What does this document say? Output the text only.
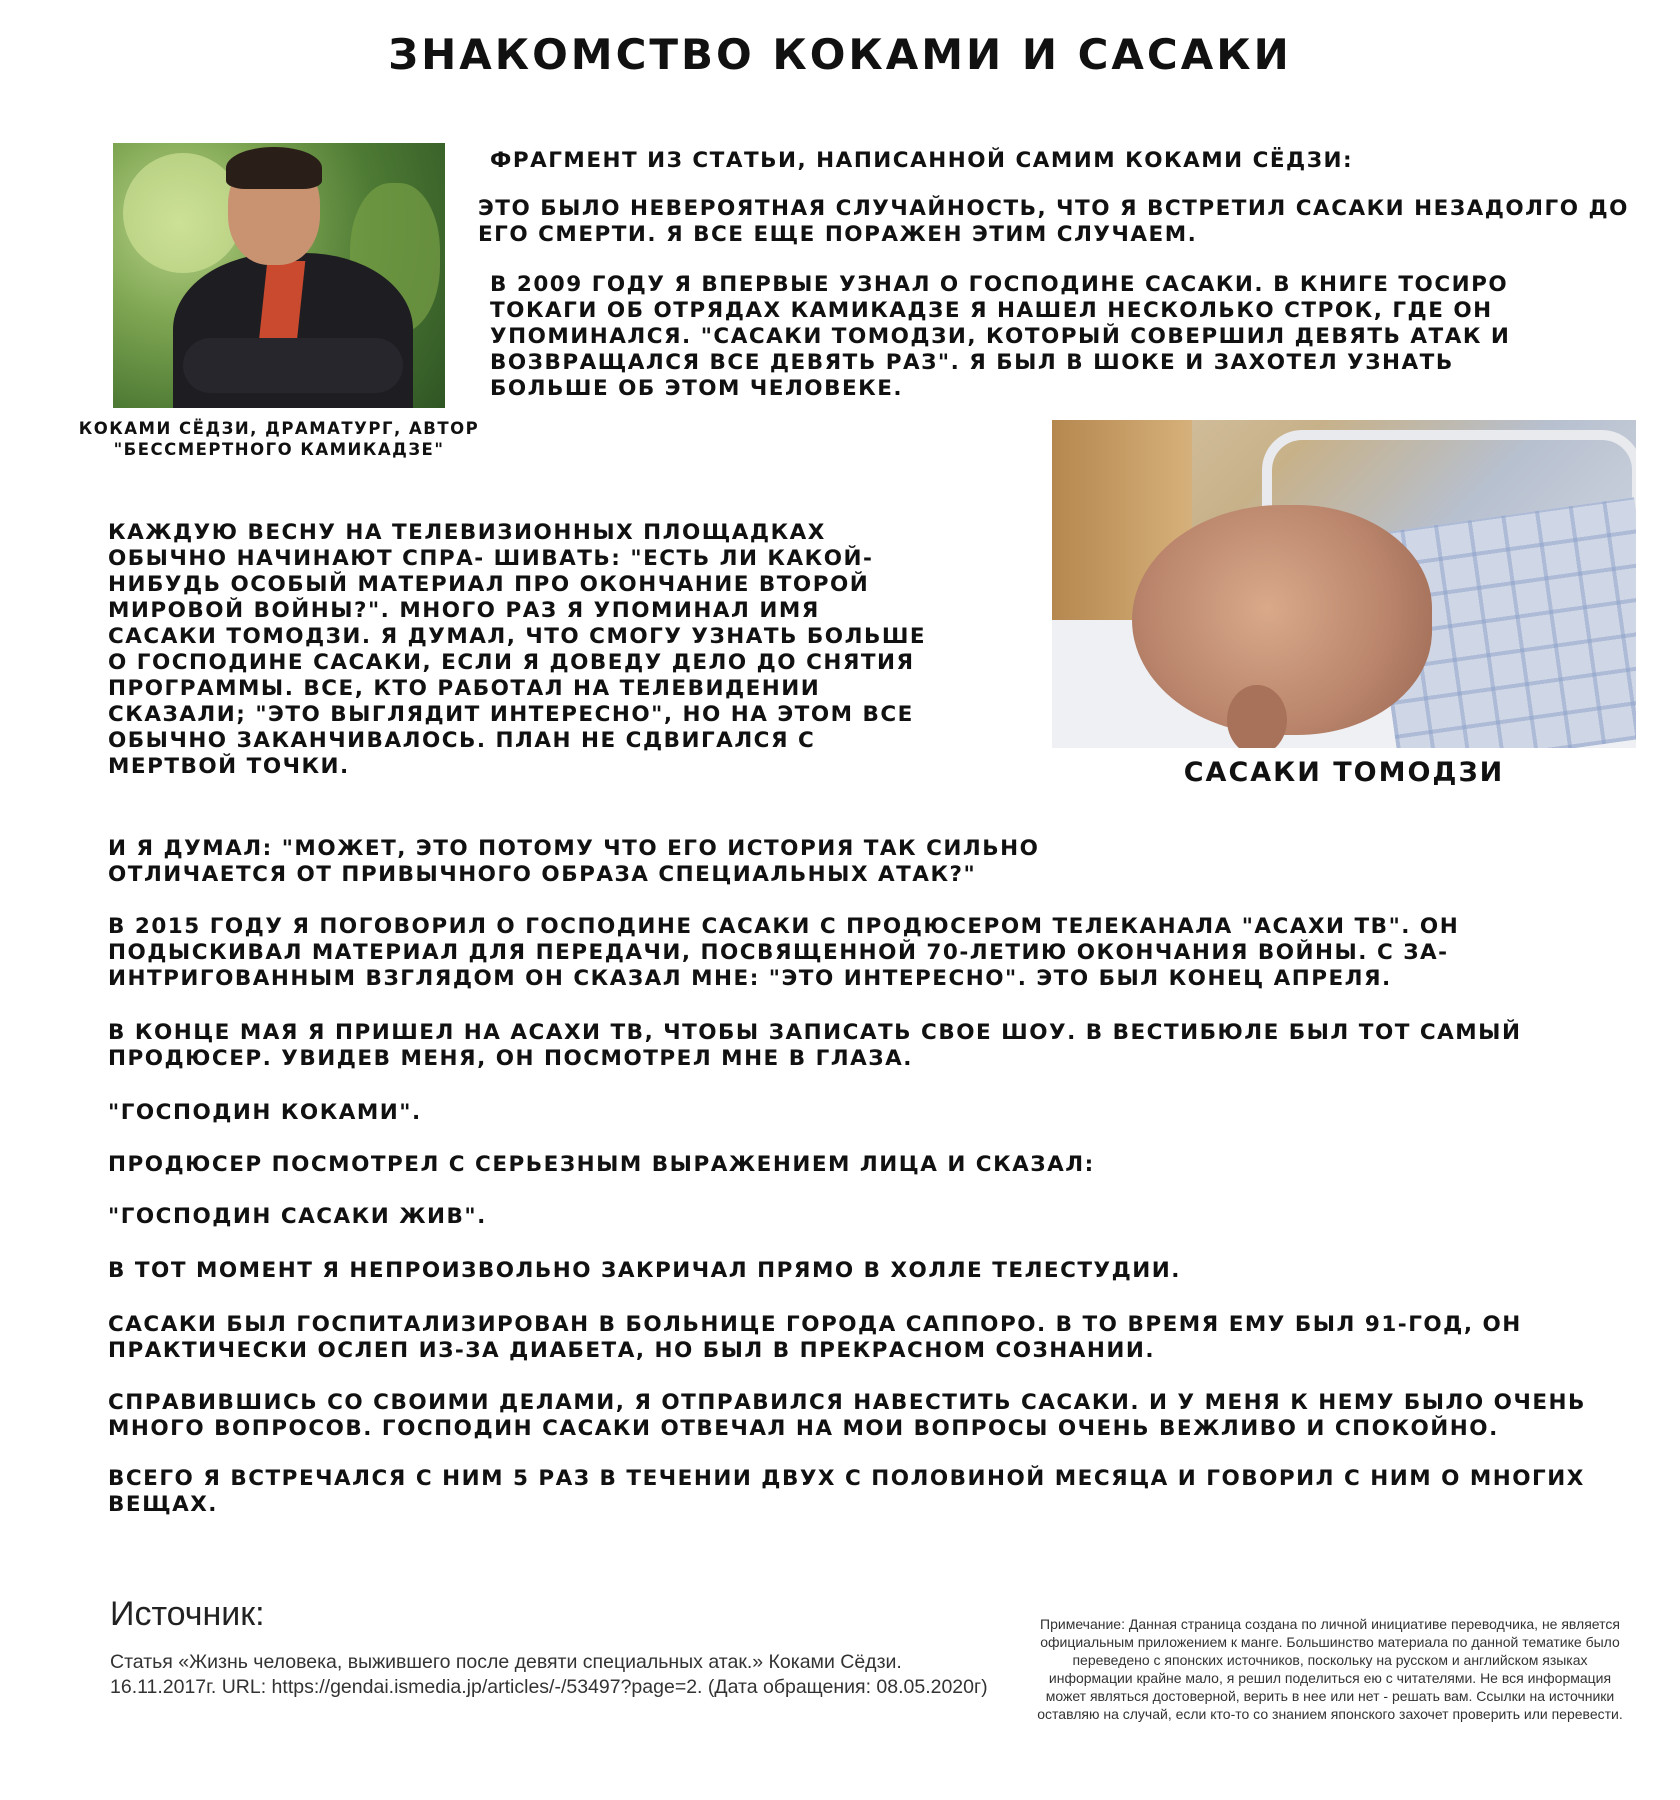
ЗНАКОМСТВО КОКАМИ И САСАКИ
КОКАМИ СЁДЗИ, ДРАМАТУРГ, АВТОР
"БЕССМЕРТНОГО КАМИКАДЗЕ"
ФРАГМЕНТ ИЗ СТАТЬИ, НАПИСАННОЙ САМИМ КОКАМИ СЁДЗИ:
ЭТО БЫЛО НЕВЕРОЯТНАЯ СЛУЧАЙНОСТЬ, ЧТО Я ВСТРЕТИЛ САСАКИ НЕЗАДОЛГО ДО ЕГО СМЕРТИ. Я ВСЕ ЕЩЕ ПОРАЖЕН ЭТИМ СЛУЧАЕМ.
В 2009 ГОДУ Я ВПЕРВЫЕ УЗНАЛ О ГОСПОДИНЕ САСАКИ. В КНИГЕ ТОСИРО ТОКАГИ ОБ ОТРЯДАХ КАМИКАДЗЕ Я НАШЕЛ НЕСКОЛЬКО СТРОК, ГДЕ ОН УПОМИНАЛСЯ. "САСАКИ ТОМОДЗИ, КОТОРЫЙ СОВЕРШИЛ ДЕВЯТЬ АТАК И ВОЗВРАЩАЛСЯ ВСЕ ДЕВЯТЬ РАЗ". Я БЫЛ В ШОКЕ И ЗАХОТЕЛ УЗНАТЬ БОЛЬШЕ ОБ ЭТОМ ЧЕЛОВЕКЕ.
САСАКИ ТОМОДЗИ
КАЖДУЮ ВЕСНУ НА ТЕЛЕВИЗИОННЫХ ПЛОЩАДКАХ ОБЫЧНО НАЧИНАЮТ СПРА- ШИВАТЬ: "ЕСТЬ ЛИ КАКОЙ-НИБУДЬ ОСОБЫЙ МАТЕРИАЛ ПРО ОКОНЧАНИЕ ВТОРОЙ МИРОВОЙ ВОЙНЫ?". МНОГО РАЗ Я УПОМИНАЛ ИМЯ САСАКИ ТОМОДЗИ. Я ДУМАЛ, ЧТО СМОГУ УЗНАТЬ БОЛЬШЕ О ГОСПОДИНЕ САСАКИ, ЕСЛИ Я ДОВЕДУ ДЕЛО ДО СНЯТИЯ ПРОГРАММЫ. ВСЕ, КТО РАБОТАЛ НА ТЕЛЕВИДЕНИИ СКАЗАЛИ; "ЭТО ВЫГЛЯДИТ ИНТЕРЕСНО", НО НА ЭТОМ ВСЕ ОБЫЧНО ЗАКАНЧИВАЛОСЬ. ПЛАН НЕ СДВИГАЛСЯ С МЕРТВОЙ ТОЧКИ.
И Я ДУМАЛ: "МОЖЕТ, ЭТО ПОТОМУ ЧТО ЕГО ИСТОРИЯ ТАК СИЛЬНО ОТЛИЧАЕТСЯ ОТ ПРИВЫЧНОГО ОБРАЗА СПЕЦИАЛЬНЫХ АТАК?"
В 2015 ГОДУ Я ПОГОВОРИЛ О ГОСПОДИНЕ САСАКИ С ПРОДЮСЕРОМ ТЕЛЕКАНАЛА "АСАХИ ТВ". ОН ПОДЫСКИВАЛ МАТЕРИАЛ ДЛЯ ПЕРЕДАЧИ, ПОСВЯЩЕННОЙ 70-ЛЕТИЮ ОКОНЧАНИЯ ВОЙНЫ. С ЗА- ИНТРИГОВАННЫМ ВЗГЛЯДОМ ОН СКАЗАЛ МНЕ: "ЭТО ИНТЕРЕСНО". ЭТО БЫЛ КОНЕЦ АПРЕЛЯ.
В КОНЦЕ МАЯ Я ПРИШЕЛ НА АСАХИ ТВ, ЧТОБЫ ЗАПИСАТЬ СВОЕ ШОУ. В ВЕСТИБЮЛЕ БЫЛ ТОТ САМЫЙ ПРОДЮСЕР. УВИДЕВ МЕНЯ, ОН ПОСМОТРЕЛ МНЕ В ГЛАЗА.
"ГОСПОДИН КОКАМИ".
ПРОДЮСЕР ПОСМОТРЕЛ С СЕРЬЕЗНЫМ ВЫРАЖЕНИЕМ ЛИЦА И СКАЗАЛ:
"ГОСПОДИН САСАКИ ЖИВ".
В ТОТ МОМЕНТ Я НЕПРОИЗВОЛЬНО ЗАКРИЧАЛ ПРЯМО В ХОЛЛЕ ТЕЛЕСТУДИИ.
САСАКИ БЫЛ ГОСПИТАЛИЗИРОВАН В БОЛЬНИЦЕ ГОРОДА САППОРО. В ТО ВРЕМЯ ЕМУ БЫЛ 91-ГОД, ОН ПРАКТИЧЕСКИ ОСЛЕП ИЗ-ЗА ДИАБЕТА, НО БЫЛ В ПРЕКРАСНОМ СОЗНАНИИ.
СПРАВИВШИСЬ СО СВОИМИ ДЕЛАМИ, Я ОТПРАВИЛСЯ НАВЕСТИТЬ САСАКИ. И У МЕНЯ К НЕМУ БЫЛО ОЧЕНЬ МНОГО ВОПРОСОВ. ГОСПОДИН САСАКИ ОТВЕЧАЛ НА МОИ ВОПРОСЫ ОЧЕНЬ ВЕЖЛИВО И СПОКОЙНО.
ВСЕГО Я ВСТРЕЧАЛСЯ С НИМ 5 РАЗ В ТЕЧЕНИИ ДВУХ С ПОЛОВИНОЙ МЕСЯЦА И ГОВОРИЛ С НИМ О МНОГИХ ВЕЩАХ.
Источник:
Статья «Жизнь человека, выжившего после девяти специальных атак.» Коками Сёдзи. 16.11.2017г. URL: https://gendai.ismedia.jp/articles/-/53497?page=2. (Дата обращения: 08.05.2020г)
Примечание: Данная страница создана по личной инициативе переводчика, не является официальным приложением к манге. Большинство материала по данной тематике было переведено с японских источников, поскольку на русском и английском языках информации крайне мало, я решил поделиться ею с читателями. Не вся информация может являться достоверной, верить в нее или нет - решать вам. Ссылки на источники оставляю на случай, если кто-то со знанием японского захочет проверить или перевести.
